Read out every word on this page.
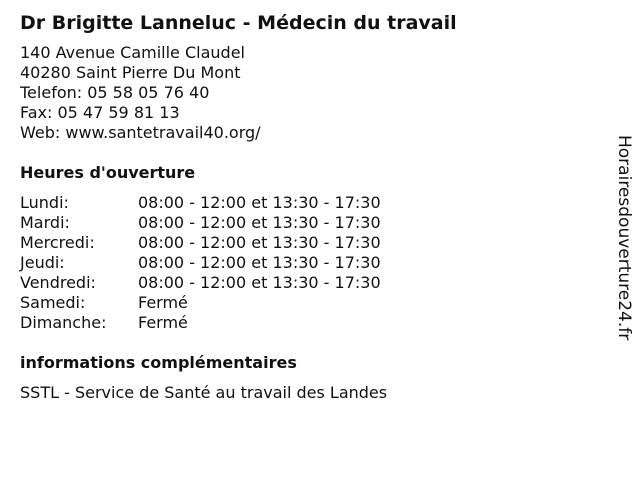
Dr Brigitte Lanneluc - Médecin du travail
140 Avenue Camille Claudel
40280 Saint Pierre Du Mont
Telefon: 05 58 05 76 40
Fax: 05 47 59 81 13
Web: www.santetravail40.org/
Heures d'ouverture
Lundi:	08:00 - 12:00 et 13:30 - 17:30
Mardi:	08:00 - 12:00 et 13:30 - 17:30
Mercredi:	08:00 - 12:00 et 13:30 - 17:30
Jeudi:	08:00 - 12:00 et 13:30 - 17:30
Vendredi:	08:00 - 12:00 et 13:30 - 17:30
Samedi:	Fermé
Dimanche:	Fermé
informations complémentaires
SSTL - Service de Santé au travail des Landes
Horairesdouverture24.fr
